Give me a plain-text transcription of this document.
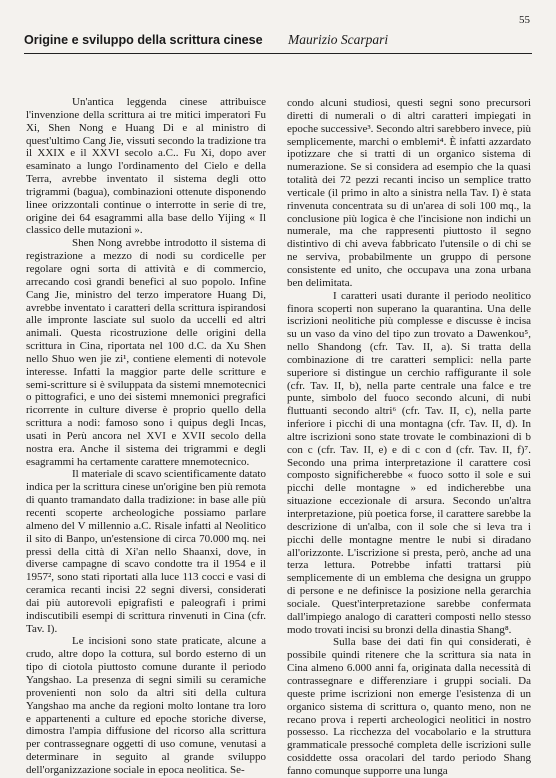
55
Origine e sviluppo della scrittura cinese Maurizio Scarpari

Un'antica leggenda cinese attribuisce l'invenzione della scrittura ai tre mitici imperatori Fu Xi, Shen Nong e Huang Di e al ministro di quest'ultimo Cang Jie, vissuti secondo la tradizione tra il XXIX e il XXVI secolo a.C.. Fu Xi, dopo aver esaminato a lungo l'ordinamento del Cielo e della Terra, avrebbe inventato il sistema degli otto trigrammi (bagua), combinazioni ottenute disponendo linee orizzontali continue o interrotte in serie di tre, origine dei 64 esagrammi alla base dello Yijing « Il classico delle mutazioni ».

Shen Nong avrebbe introdotto il sistema di registrazione a mezzo di nodi su cordicelle per regolare ogni sorta di attività e di commercio, arrecando così grandi benefici al suo popolo. Infine Cang Jie, ministro del terzo imperatore Huang Di, avrebbe inventato i caratteri della scrittura ispirandosi alle impronte lasciate sul suolo da uccelli ed altri animali. Questa ricostruzione delle origini della scrittura in Cina, riportata nel 100 d.C. da Xu Shen nello Shuo wen jie zi¹, contiene elementi di notevole interesse. Infatti la maggior parte delle scritture e semi-scritture si è sviluppata da sistemi mnemotecnici o pittografici, e uno dei sistemi mnemonici pregrafici ricorrente in culture diverse è proprio quello della scrittura a nodi: famoso sono i quipus degli Incas, usati in Perù ancora nel XVI e XVII secolo della nostra era. Anche il sistema dei trigrammi e degli esagrammi ha certamente carattere mnemotecnico.

Il materiale di scavo scientificamente datato indica per la scrittura cinese un'origine ben più remota di quanto tramandato dalla tradizione: in base alle più recenti scoperte archeologiche possiamo parlare almeno del V millennio a.C. Risale infatti al Neolitico il sito di Banpo, un'estensione di circa 70.000 mq. nei pressi della città di Xi'an nello Shaanxi, dove, in diverse campagne di scavo condotte tra il 1954 e il 1957², sono stati riportati alla luce 113 cocci e vasi di ceramica recanti incisi 22 segni diversi, considerati dai più autorevoli epigrafisti e paleografi i primi indiscutibili esempi di scrittura rinvenuti in Cina (cfr. Tav. I).

Le incisioni sono state praticate, alcune a crudo, altre dopo la cottura, sul bordo esterno di un tipo di ciotola piuttosto comune durante il periodo Yangshao. La presenza di segni simili su ceramiche provenienti non solo da altri siti della cultura Yangshao ma anche da regioni molto lontane tra loro e appartenenti a culture ed epoche storiche diverse, dimostra l'ampia diffusione del ricorso alla scrittura per contrassegnare oggetti di uso comune, venutasi a determinare in seguito al grande sviluppo dell'organizzazione sociale in epoca neolitica. Se-

condo alcuni studiosi, questi segni sono precursori diretti di numerali o di altri caratteri impiegati in epoche successive³. Secondo altri sarebbero invece, più semplicemente, marchi o emblemi⁴. È infatti azzardato ipotizzare che si tratti di un organico sistema di numerazione. Se si considera ad esempio che la quasi totalità dei 72 pezzi recanti inciso un semplice tratto verticale (il primo in alto a sinistra nella Tav. I) è stata rinvenuta concentrata su di un'area di soli 100 mq., la conclusione più logica è che l'incisione non indichi un numerale, ma che rappresenti piuttosto il segno distintivo di chi aveva fabbricato l'utensile o di chi se ne serviva, probabilmente un gruppo di persone consistente ed unito, che occupava una zona urbana ben delimitata.

I caratteri usati durante il periodo neolitico finora scoperti non superano la quarantina. Una delle iscrizioni neolitiche più complesse e discusse è incisa su un vaso da vino del tipo zun trovato a Dawenkou⁵, nello Shandong (cfr. Tav. II, a). Si tratta della combinazione di tre caratteri semplici: nella parte superiore si distingue un cerchio raffigurante il sole (cfr. Tav. II, b), nella parte centrale una falce e tre punte, simbolo del fuoco secondo alcuni, di nubi fluttuanti secondo altri⁶ (cfr. Tav. II, c), nella parte inferiore i picchi di una montagna (cfr. Tav. II, d). In altre iscrizioni sono state trovate le combinazioni di b con c (cfr. Tav. II, e) e di c con d (cfr. Tav. II, f)⁷. Secondo una prima interpretazione il carattere così composto significherebbe « fuoco sotto il sole e sui picchi delle montagne » ed indicherebbe una situazione eccezionale di arsura. Secondo un'altra interpretazione, più poetica forse, il carattere sarebbe la descrizione di un'alba, con il sole che si leva tra i picchi delle montagne mentre le nubi si diradano all'orizzonte. L'iscrizione si presta, però, anche ad una terza lettura. Potrebbe infatti trattarsi più semplicemente di un emblema che designa un gruppo di persone e ne definisce la posizione nella gerarchia sociale. Quest'interpretazione sarebbe confermata dall'impiego analogo di caratteri composti nello stesso modo trovati incisi su bronzi della dinastia Shang⁸.

Sulla base dei dati fin qui considerati, è possibile quindi ritenere che la scrittura sia nata in Cina almeno 6.000 anni fa, originata dalla necessità di contrassegnare e differenziare i gruppi sociali. Da queste prime iscrizioni non emerge l'esistenza di un organico sistema di scrittura o, quanto meno, non ne recano prova i reperti archeologici neolitici in nostro possesso. La ricchezza del vocabolario e la struttura grammaticale pressoché completa delle iscrizioni sulle cosiddette ossa oracolari del tardo periodo Shang fanno comunque supporre una lunga
